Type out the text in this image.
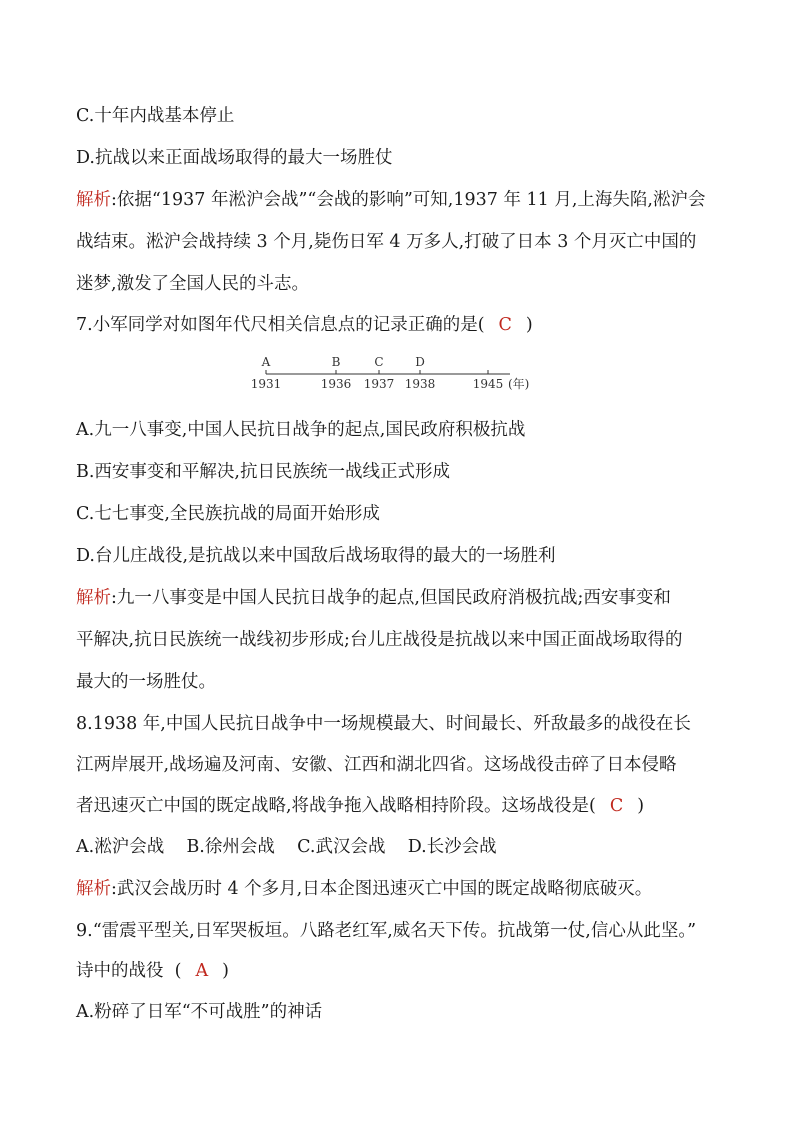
C.十年内战基本停止
D.抗战以来正面战场取得的最大一场胜仗
解析:依据“1937 年淞沪会战”“会战的影响”可知,1937 年 11 月,上海失陷,淞沪会
战结束。淞沪会战持续 3 个月,毙伤日军 4 万多人,打破了日本 3 个月灭亡中国的
迷梦,激发了全国人民的斗志。
7.小军同学对如图年代尺相关信息点的记录正确的是( C )
A
1931
B
1936
C
1937
D
1938	1945 (年)
A.九一八事变,中国人民抗日战争的起点,国民政府积极抗战
B.西安事变和平解决,抗日民族统一战线正式形成
C.七七事变,全民族抗战的局面开始形成
D.台儿庄战役,是抗战以来中国敌后战场取得的最大的一场胜利
解析:九一八事变是中国人民抗日战争的起点,但国民政府消极抗战;西安事变和
平解决,抗日民族统一战线初步形成;台儿庄战役是抗战以来中国正面战场取得的
最大的一场胜仗。
8.1938 年,中国人民抗日战争中一场规模最大、时间最长、歼敌最多的战役在长
江两岸展开,战场遍及河南、安徽、江西和湖北四省。这场战役击碎了日本侵略
者迅速灭亡中国的既定战略,将战争拖入战略相持阶段。这场战役是( C )
A.淞沪会战    B.徐州会战    C.武汉会战    D.长沙会战
解析:武汉会战历时 4 个多月,日本企图迅速灭亡中国的既定战略彻底破灭。
9.“雷震平型关,日军哭板垣。八路老红军,威名天下传。抗战第一仗,信心从此坚。”
诗中的战役  ( A )
A.粉碎了日军“不可战胜”的神话
